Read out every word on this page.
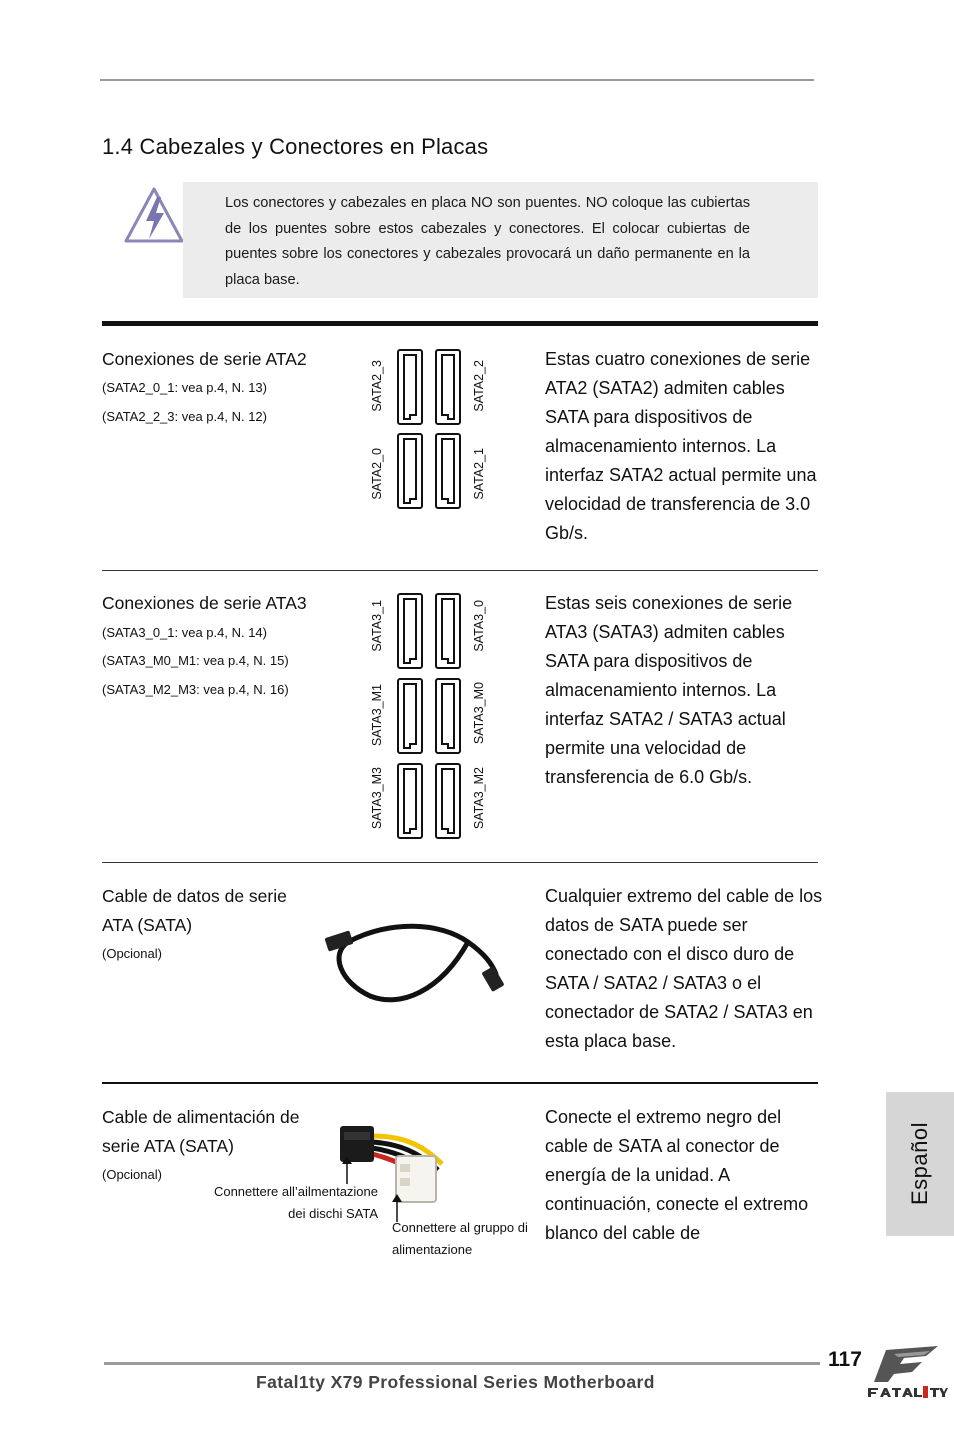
1.4 Cabezales y Conectores en Placas
Los conectores y cabezales en placa NO son puentes. NO coloque las cubiertas de los puentes sobre estos cabezales y conectores. El colocar cubiertas de puentes sobre los conectores y cabezales provocará un daño permanente en la placa base.
Conexiones de serie ATA2
(SATA2_0_1: vea p.4, N. 13)
(SATA2_2_3: vea p.4, N. 12)
SATA2_3	SATA2_2
SATA2_0	SATA2_1
Estas cuatro conexiones de serie ATA2 (SATA2) admiten cables SATA para dispositivos de almacenamiento internos. La interfaz SATA2 actual permite una velocidad de transferencia de 3.0 Gb/s.
Conexiones de serie ATA3
(SATA3_0_1: vea p.4, N. 14)
(SATA3_M0_M1: vea p.4, N. 15)
(SATA3_M2_M3: vea p.4, N. 16)
SATA3_1	SATA3_0
SATA3_M1	SATA3_M0
SATA3_M3	SATA3_M2
Estas seis conexiones de serie ATA3 (SATA3) admiten cables SATA para dispositivos de almacenamiento internos. La interfaz SATA2 / SATA3 actual permite una velocidad de transferencia de 6.0 Gb/s.
Cable de datos de serie ATA (SATA)
(Opcional)
Cualquier extremo del cable de los datos de SATA puede ser conectado con el disco duro de SATA / SATA2 / SATA3 o el conectador de SATA2 / SATA3 en esta placa base.
Cable de alimentación de serie ATA (SATA)
(Opcional)
Connettere all’ailmentazione dei dischi SATA
Connettere al gruppo di alimentazione
Conecte el extremo negro del cable de SATA al conector de energía de la unidad. A continuación, conecte el extremo blanco del cable de
Español
117
Fatal1ty X79 Professional Series Motherboard
